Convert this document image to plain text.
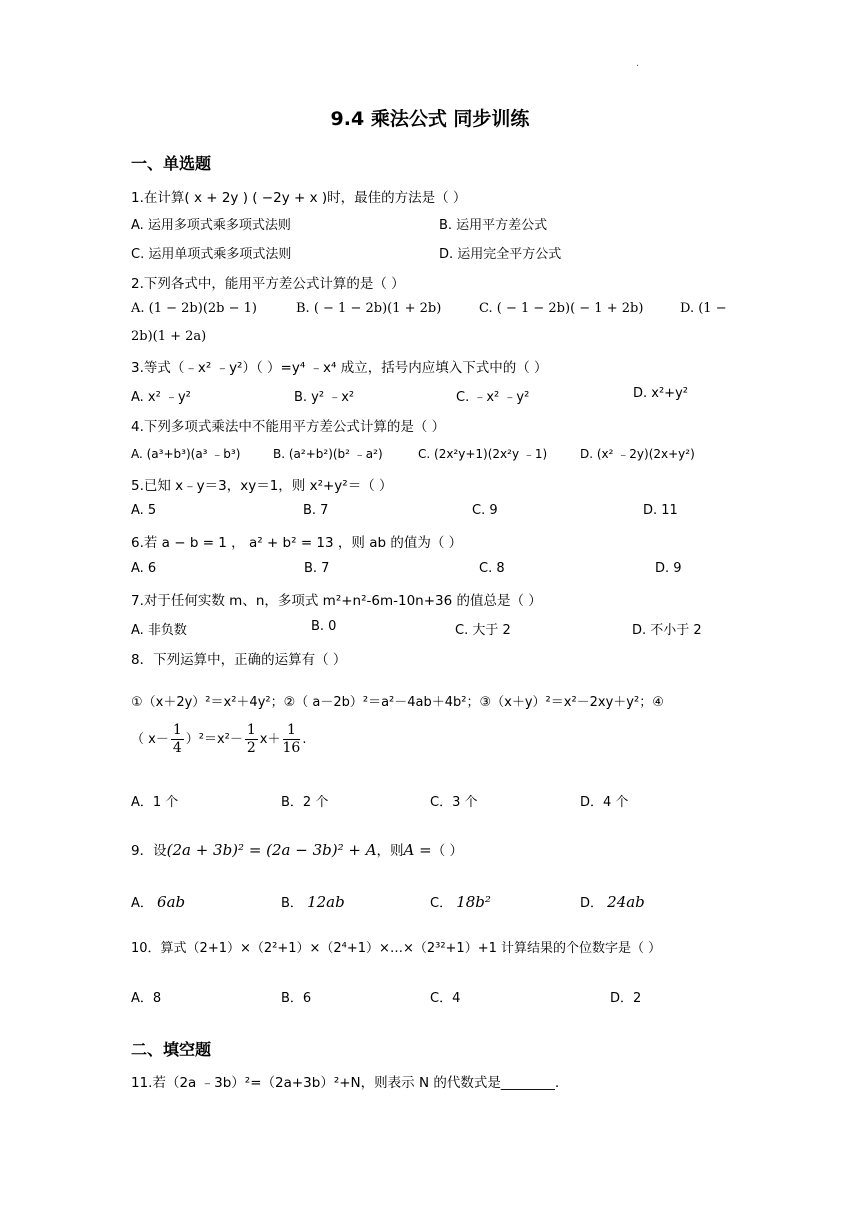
.
9.4 乘法公式 同步训练
一、单选题
1.在计算( x + 2y ) ( −2y + x )时，最佳的方法是（ ）
A. 运用多项式乘多项式法则	B. 运用平方差公式
C. 运用单项式乘多项式法则	D. 运用完全平方公式
2.下列各式中，能用平方差公式计算的是（ ）
A. (1 − 2b)(2b − 1)	B. ( − 1 − 2b)(1 + 2b)	C. ( − 1 − 2b)( − 1 + 2b)	D. (1 −
2b)(1 + 2a)
3.等式（﹣x² ﹣y²）（ ）=y⁴ ﹣x⁴ 成立，括号内应填入下式中的（ ）
A. x² ﹣y²	B. y² ﹣x²	C. ﹣x² ﹣y²	D. x²+y²
4.下列多项式乘法中不能用平方差公式计算的是（ ）
A. (a³+b³)(a³ ﹣b³)	B. (a²+b²)(b² ﹣a²)	C. (2x²y+1)(2x²y ﹣1)	D. (x² ﹣2y)(2x+y²)
5.已知 x﹣y＝3，xy＝1，则 x²+y²＝（ ）
A. 5	B. 7	C. 9	D. 11
6.若 a − b = 1 ， a² + b² = 13 ，则 ab 的值为（ ）
A. 6	B. 7	C. 8	D. 9
7.对于任何实数 m、n，多项式 m²+n²-6m-10n+36 的值总是（ ）
A. 非负数	B. 0	C. 大于 2	D. 不小于 2
8．下列运算中，正确的运算有（ ）
①（x＋2y）²＝x²＋4y²；②（ a－2b）²＝a²－4ab＋4b²；③（x＋y）²＝x²－2xy＋y²；④
（ $x- \frac{1}{4} )^2=x^2- \frac{1}{2} x+ \frac{1}{16}$ .
A．1 个	B．2 个	C．3 个	D．4 个
9．设(2a + 3b)² = (2a − 3b)² + A，则A =（ ）
A． 6ab	B． 12ab	C． 18b²	D． 24ab
10．算式（2+1）×（2²+1）×（2⁴+1）×…×（2³²+1）+1 计算结果的个位数字是（ ）
A．8	B．6	C．4	D．2
二、填空题
11.若（2a ﹣3b）²=（2a+3b）²+N，则表示 N 的代数式是________.
